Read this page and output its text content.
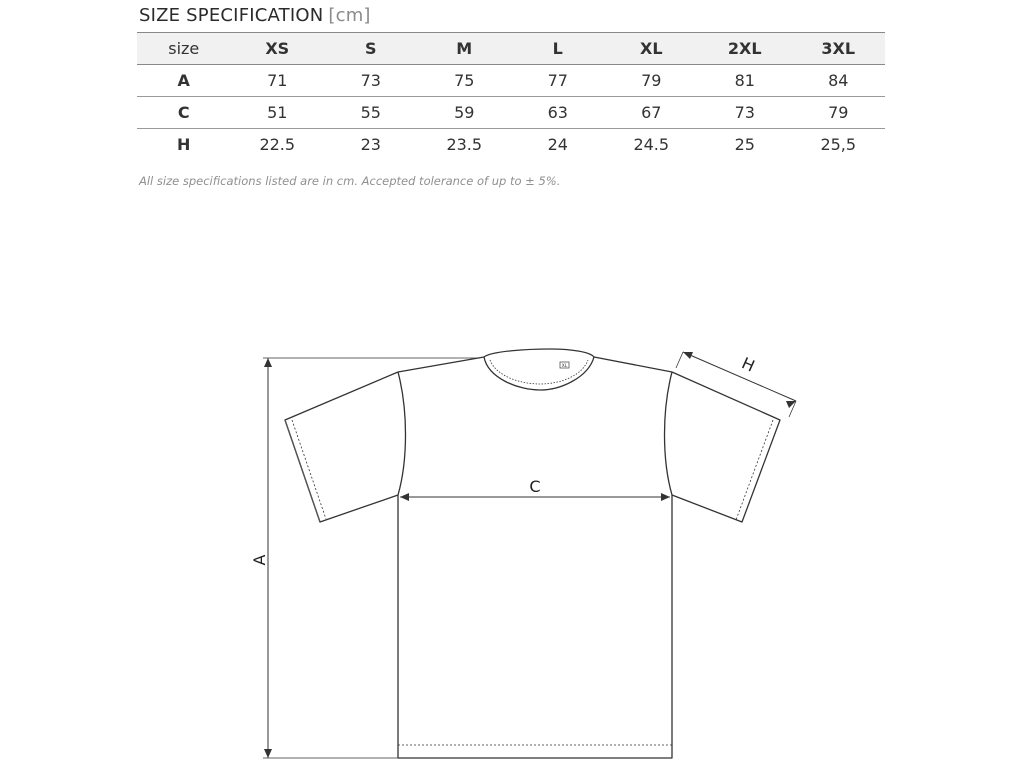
SIZE SPECIFICATION [cm]
size	XS	S	M	L	XL	2XL	3XL
A	71	73	75	77	79	81	84
C	51	55	59	63	67	73	79
H	22.5	23	23.5	24	24.5	25	25,5
All size specifications listed are in cm. Accepted tolerance of up to ± 5%.
XL
A
C
H
